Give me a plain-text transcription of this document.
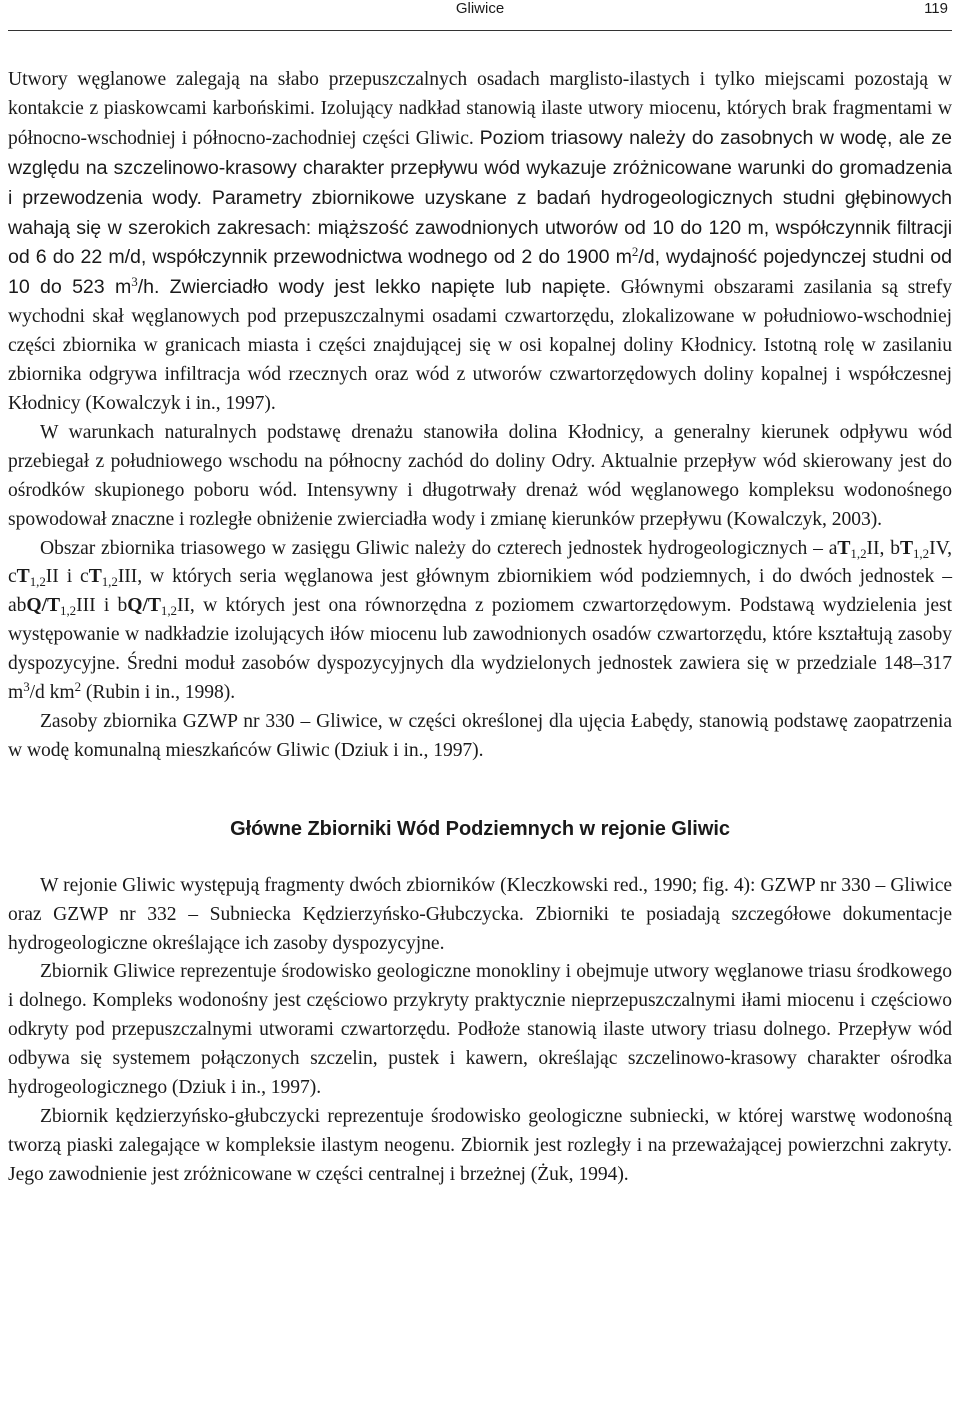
Gliwice	119

Utwory węglanowe zalegają na słabo przepuszczalnych osadach marglisto-ilastych i tylko miejscami pozostają w kontakcie z piaskowcami karbońskimi. Izolujący nadkład stanowią ilaste utwory miocenu, których brak fragmentami w północno-wschodniej i północno-zachodniej części Gliwic. Poziom triasowy należy do zasobnych w wodę, ale ze względu na szczelinowo-krasowy charakter przepływu wód wykazuje zróżnicowane warunki do gromadzenia i przewodzenia wody. Parametry zbiornikowe uzyskane z badań hydrogeologicznych studni głębinowych wahają się w szerokich zakresach: miąższość zawodnionych utworów od 10 do 120 m, współczynnik filtracji od 6 do 22 m/d, współczynnik przewodnictwa wodnego od 2 do 1900 $m^2/d$, wydajność pojedynczej studni od 10 do 523 $m^3/h$. Zwierciadło wody jest lekko napięte lub napięte. Głównymi obszarami zasilania są strefy wychodni skał węglanowych pod przepuszczalnymi osadami czwartorzędu, zlokalizowane w południowo-wschodniej części zbiornika w granicach miasta i części znajdującej się w osi kopalnej doliny Kłodnicy. Istotną rolę w zasilaniu zbiornika odgrywa infiltracja wód rzecznych oraz wód z utworów czwartorzędowych doliny kopalnej i współczesnej Kłodnicy (Kowalczyk i in., 1997).

W warunkach naturalnych podstawę drenażu stanowiła dolina Kłodnicy, a generalny kierunek odpływu wód przebiegał z południowego wschodu na północny zachód do doliny Odry. Aktualnie przepływ wód skierowany jest do ośrodków skupionego poboru wód. Intensywny i długotrwały drenaż wód węglanowego kompleksu wodonośnego spowodował znaczne i rozległe obniżenie zwierciadła wody i zmianę kierunków przepływu (Kowalczyk, 2003).

Obszar zbiornika triasowego w zasięgu Gliwic należy do czterech jednostek hydrogeologicznych – $aT_{1,2}II$, $bT_{1,2}IV$, $cT_{1,2}II$ i $cT_{1,2}III$, w których seria węglanowa jest głównym zbiornikiem wód podziemnych, i do dwóch jednostek – abQ/$T_{1,2}III$ i $bQ/T_{1,2}II$, w których jest ona równorzędna z poziomem czwartorzędowym. Podstawą wydzielenia jest występowanie w nadkładzie izolujących iłów miocenu lub zawodnionych osadów czwartorzędu, które kształtują zasoby dyspozycyjne. Średni moduł zasobów dyspozycyjnych dla wydzielonych jednostek zawiera się w przedziale 148–317 $m^3/d$ $km^2$ (Rubin i in., 1998).

Zasoby zbiornika GZWP nr 330 – Gliwice, w części określonej dla ujęcia Łabędy, stanowią podstawę zaopatrzenia w wodę komunalną mieszkańców Gliwic (Dziuk i in., 1997).

Główne Zbiorniki Wód Podziemnych w rejonie Gliwic

W rejonie Gliwic występują fragmenty dwóch zbiorników (Kleczkowski red., 1990; fig. 4): GZWP nr 330 – Gliwice oraz GZWP nr 332 – Subniecka Kędzierzyńsko-Głubczycka. Zbiorniki te posiadają szczegółowe dokumentacje hydrogeologiczne określające ich zasoby dyspozycyjne.

Zbiornik Gliwice reprezentuje środowisko geologiczne monokliny i obejmuje utwory węglanowe triasu środkowego i dolnego. Kompleks wodonośny jest częściowo przykryty praktycznie nieprzepuszczalnymi iłami miocenu i częściowo odkryty pod przepuszczalnymi utworami czwartorzędu. Podłoże stanowią ilaste utwory triasu dolnego. Przepływ wód odbywa się systemem połączonych szczelin, pustek i kawern, określając szczelinowo-krasowy charakter ośrodka hydrogeologicznego (Dziuk i in., 1997).

Zbiornik kędzierzyńsko-głubczycki reprezentuje środowisko geologiczne subniecki, w której warstwę wodonośną tworzą piaski zalegające w kompleksie ilastym neogenu. Zbiornik jest rozległy i na przeważającej powierzchni zakryty. Jego zawodnienie jest zróżnicowane w części centralnej i brzeżnej (Żuk, 1994).
